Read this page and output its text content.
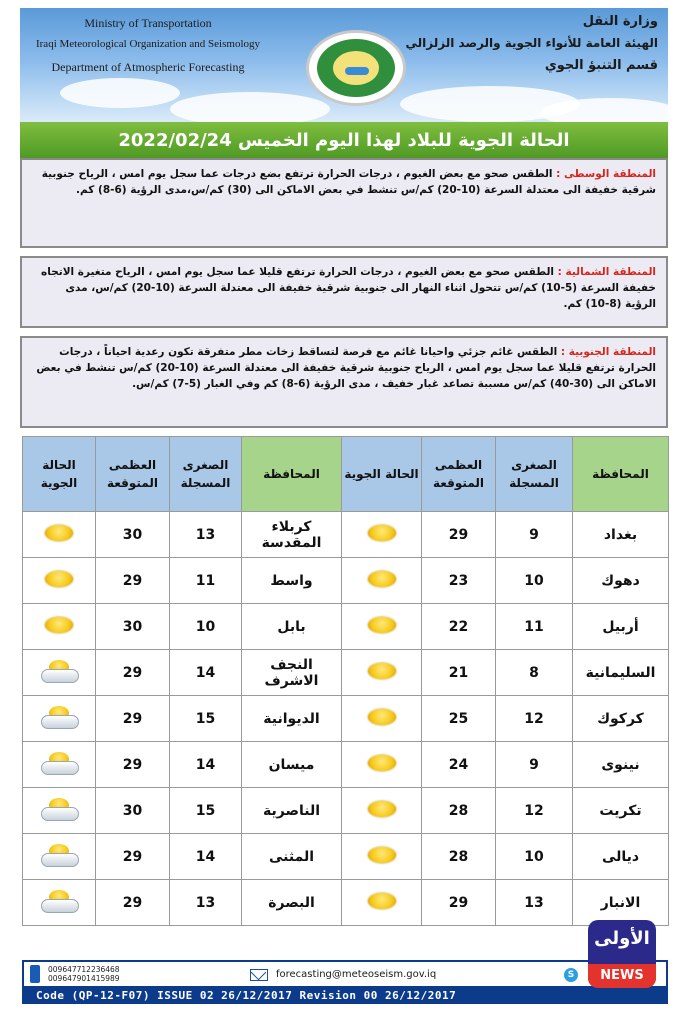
Ministry of Transportation
Iraqi Meteorological Organization and Seismology
Department of Atmospheric Forecasting
وزارة النقل
الهيئة العامة للأنواء الجوية والرصد الزلزالي
قسم التنبؤ الجوي
الحالة الجوية للبلاد لهذا اليوم الخميس 2022/02/24
المنطقة الوسطى : الطقس صحو مع بعض الغيوم ، درجات الحرارة ترتفع بضع درجات عما سجل يوم امس ، الرياح جنوبية شرقية خفيفة الى معتدلة السرعة (10-20) كم/س تنشط في بعض الاماكن الى (30) كم/س،مدى الرؤية (6-8) كم.
المنطقة الشمالية : الطقس صحو مع بعض الغيوم ، درجات الحرارة ترتفع قليلا عما سجل يوم امس ، الرياح متغيرة الاتجاه خفيفة السرعة (5-10) كم/س تتحول اثناء النهار الى جنوبية شرقية خفيفة الى معتدلة السرعة (10-20) كم/س، مدى الرؤية (8-10) كم.
المنطقة الجنوبية : الطقس غائم جزئي واحيانا غائم مع فرصة لتساقط زخات مطر متفرقة تكون رعدية احياناً ، درجات الحرارة ترتفع قليلا عما سجل يوم امس ، الرياح جنوبية شرقية خفيفة الى معتدلة السرعة (10-20) كم/س تنشط في بعض الاماكن الى (30-40) كم/س مسببة تصاعد غبار خفيف ، مدى الرؤية (6-8) كم وفي الغبار (5-7) كم/س.
المحافظة	الصغرى المسجلة	العظمى المتوقعة	الحالة الجوية	المحافظة	الصغرى المسجلة	العظمى المتوقعة	الحالة الجوية
بغداد	9	29		كربلاء المقدسة	13	30	
دهوك	10	23		واسط	11	29	
أربيل	11	22		بابل	10	30	
السليمانية	8	21		النجف الاشرف	14	29	

كركوك	12	25		الديوانية	15	29	

نينوى	9	24		ميسان	14	29	

تكريت	12	28		الناصرية	15	30	

ديالى	10	28		المثنى	14	29	

الانبار	13	29		البصرة	13	29	
009647712236468
009647901415989	forecasting@meteoseism.gov.iq	S
Code (QP-12-F07) ISSUE 02 26/12/2017 Revision 00 26/12/2017
الأولى
NEWS
